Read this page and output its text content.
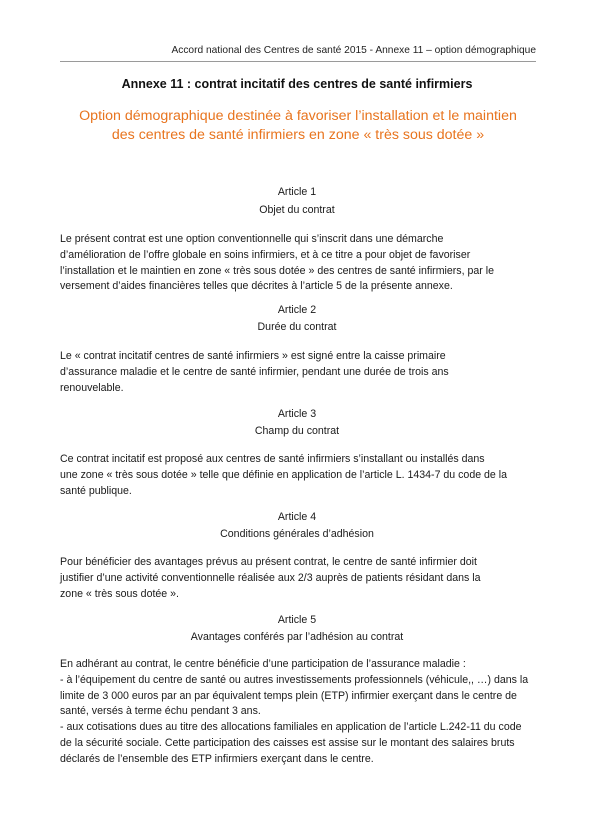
Accord national des Centres de santé 2015 - Annexe 11 – option démographique
Annexe 11 : contrat incitatif des centres de santé infirmiers
Option démographique destinée à favoriser l’installation et le maintien
des centres de santé infirmiers en zone « très sous dotée »
Article 1
Objet du contrat
Le présent contrat est une option conventionnelle qui s’inscrit dans une démarche
d’amélioration de l’offre globale en soins infirmiers, et à ce titre a pour objet de favoriser
l’installation et le maintien en zone « très sous dotée » des centres de santé infirmiers, par le
versement d’aides financières telles que décrites à l’article 5 de la présente annexe.
Article 2
Durée du contrat
Le « contrat incitatif centres de santé infirmiers » est signé entre la caisse primaire
d’assurance maladie et le centre de santé infirmier, pendant une durée de trois ans
renouvelable.
Article 3
Champ du contrat
Ce contrat incitatif est proposé aux centres de santé infirmiers s’installant ou installés dans
une zone « très sous dotée » telle que définie en application de l’article L. 1434-7 du code de la
santé publique.
Article 4
Conditions générales d’adhésion
Pour bénéficier des avantages prévus au présent contrat, le centre de santé infirmier doit
justifier d’une activité conventionnelle réalisée aux 2/3 auprès de patients résidant dans la
zone « très sous dotée ».
Article 5
Avantages conférés par l’adhésion au contrat
En adhérant au contrat, le centre bénéficie d’une participation de l’assurance maladie :
- à l’équipement du centre de santé ou autres investissements professionnels (véhicule,, …) dans la
limite de 3 000 euros par an par équivalent temps plein (ETP) infirmier exerçant dans le centre de
santé, versés à terme échu pendant 3 ans.
- aux cotisations dues au titre des allocations familiales en application de l’article L.242-11 du code
de la sécurité sociale. Cette participation des caisses est assise sur le montant des salaires bruts
déclarés de l’ensemble des ETP infirmiers exerçant dans le centre.
